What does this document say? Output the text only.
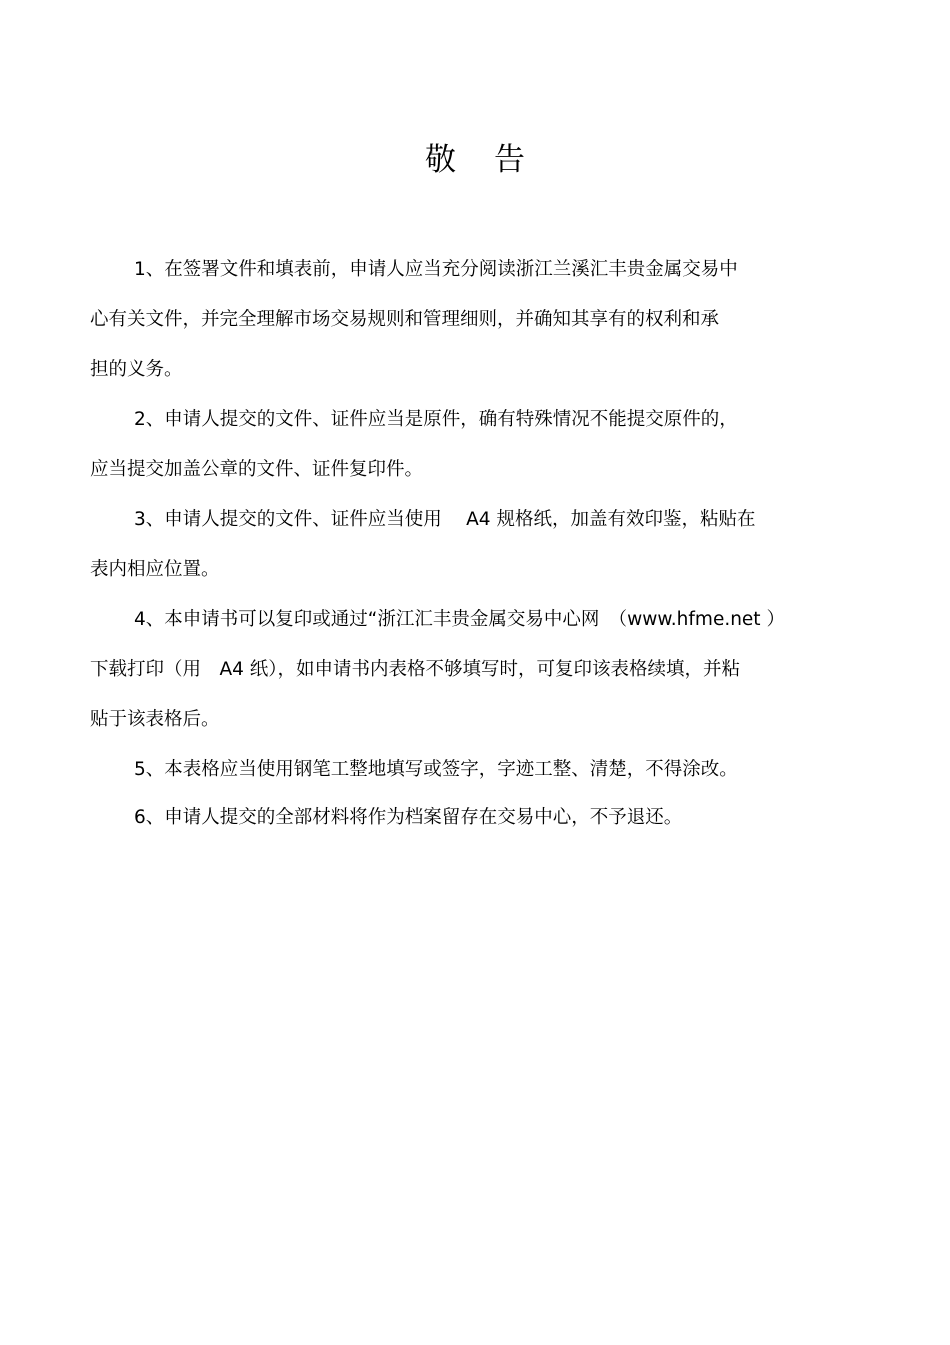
敬 告
1、在签署文件和填表前，申请人应当充分阅读浙江兰溪汇丰贵金属交易中
心有关文件，并完全理解市场交易规则和管理细则，并确知其享有的权利和承
担的义务。
2、申请人提交的文件、证件应当是原件，确有特殊情况不能提交原件的，
应当提交加盖公章的文件、证件复印件。
3、申请人提交的文件、证件应当使用　 A4 规格纸，加盖有效印鉴，粘贴在
表内相应位置。
4、本申请书可以复印或通过“浙江汇丰贵金属交易中心网　（www.hfme.net ）
下载打印（用　A4 纸），如申请书内表格不够填写时，可复印该表格续填，并粘
贴于该表格后。
5、本表格应当使用钢笔工整地填写或签字，字迹工整、清楚，不得涂改。
6、申请人提交的全部材料将作为档案留存在交易中心，不予退还。
